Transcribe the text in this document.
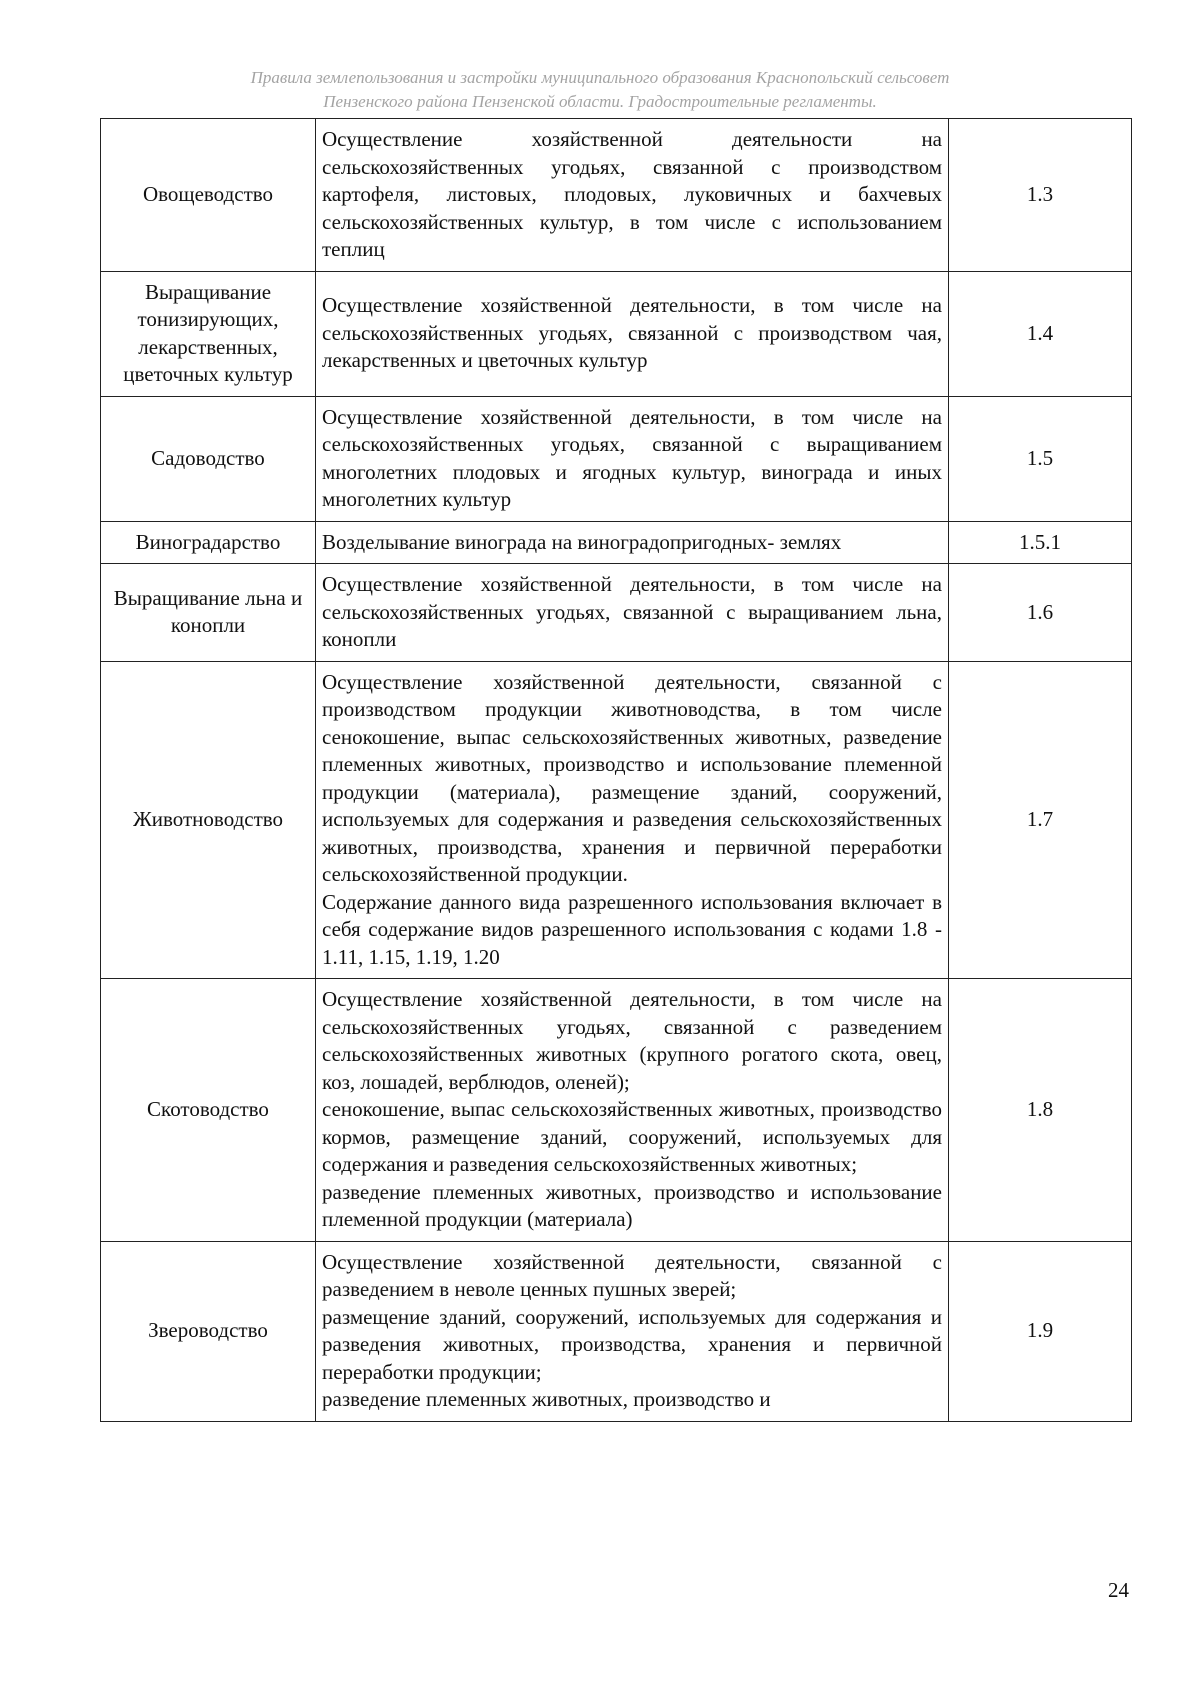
Правила землепользования и застройки муниципального образования Краснопольский сельсовет
Пензенского района Пензенской области. Градостроительные регламенты.
Овощеводство	Осуществление хозяйственной деятельности на сельскохозяйственных угодьях, связанной с производством картофеля, листовых, плодовых, луковичных и бахчевых сельскохозяйственных культур, в том числе с использованием теплиц	1.3
Выращивание тонизирующих, лекарственных, цветочных культур	Осуществление хозяйственной деятельности, в том числе на сельскохозяйственных угодьях, связанной с производством чая, лекарственных и цветочных культур	1.4
Садоводство	Осуществление хозяйственной деятельности, в том числе на сельскохозяйственных угодьях, связанной с выращиванием многолетних плодовых и ягодных культур, винограда и иных многолетних культур	1.5
Виноградарство	Возделывание винограда на виноградопригодных- землях	1.5.1
Выращивание льна и конопли	Осуществление хозяйственной деятельности, в том числе на сельскохозяйственных угодьях, связанной с выращиванием льна, конопли	1.6
Животноводство	Осуществление хозяйственной деятельности, связанной с производством продукции животноводства, в том числе сенокошение, выпас сельскохозяйственных животных, разведение племенных животных, производство и использование племенной продукции (материала), размещение зданий, сооружений, используемых для содержания и разведения сельскохозяйственных животных, производства, хранения и первичной переработки сельскохозяйственной продукции.
Содержание данного вида разрешенного использования включает в себя содержание видов разрешенного использования с кодами 1.8 - 1.11, 1.15, 1.19, 1.20	1.7
Скотоводство	Осуществление хозяйственной деятельности, в том числе на сельскохозяйственных угодьях, связанной с разведением сельскохозяйственных животных (крупного рогатого скота, овец, коз, лошадей, верблюдов, оленей);
сенокошение, выпас сельскохозяйственных животных, производство кормов, размещение зданий, сооружений, используемых для содержания и разведения сельскохозяйственных животных;
разведение племенных животных, производство и использование племенной продукции (материала)	1.8
Звероводство	Осуществление хозяйственной деятельности, связанной с разведением в неволе ценных пушных зверей;
размещение зданий, сооружений, используемых для содержания и разведения животных, производства, хранения и первичной переработки продукции;
разведение племенных животных, производство и	1.9
24
